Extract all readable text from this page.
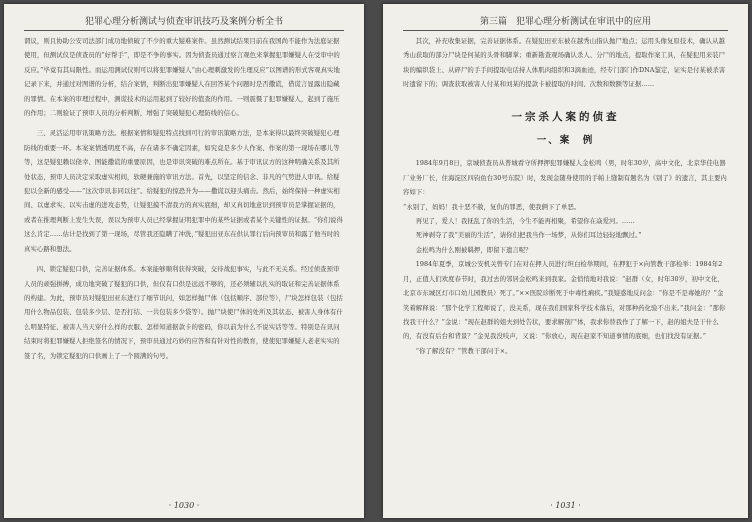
犯罪心理分析测试与侦查审讯技巧及案例分析全书

谓议，则且协助公安司法部门成功地侦破了不少的重大疑难案件。虽然测试结果目前在我国尚不能作为法庭证据使用，但测试仪是侦查员的“好帮手”，即是不争的事实。因为侦查员通过察言观色来掌握犯罪嫌疑人在受审中的反应。”毕竟有其局限性。而运用测试仪则可以将犯罪嫌疑人“由心理刺激发的生理反应”以图谱的形式客观真实地记录下来，并通过对图谱的分析，结合案情，判断出犯罪嫌疑人在回答某个问题时是否撒谎，借谎言显露出隐藏的罪情。在本案的审理过程中，测谎技术的运用起到了较好的值查的作用。一则震慑了犯罪嫌疑人，起到了施压的作用；二则验证了预审人员的分析判断，增强了突破疑犯心理防线的信心。

三、灵活运用审讯策略方法。根据案情和疑犯特点找到可行的审讯策略方法，是本案得以最终突破疑犯心理防线的重要一环。本案案情透明度不高，存在诸多不确定因素，如究竟是多少人作案、作案的第一现场在哪儿等等，这是疑犯赖以侥幸、图能撒谎的重要原因，也是审讯突破的难点所在。基于审讯议方的这种明确关系及其所处状态，预审人员决定采取虚实相间，软硬兼施的审讯方法。首先，以坚定的信念、非凡的气势进人审讯。给疑犯以全新的感受——“这次审讯非同以往”。给疑犯的惊恐升为——撒谎以迎头痛击。然后，始终保持一种虚实相间、以虚求实、以实击虚的进攻态势，让疑犯摸不清我方的真实底细，却又真切地意识到预审员是掌握证据的，或者在推理判断上发生失误，误以为预审人员已经掌握证明犯罪中的某些证据或者某个关键性的证据。“你们说得这么肯定……估计是找到了第一现场，尽管我还隐瞒了冲洗，”疑犯田亚东在供认罪行后向预审员和露了他当时的真实心路和想法。

四、锁定疑犯口供，完善证据体系。本案能够顺利获得突破，交待战犯事实，与此不无关系。经过侦查预审人员的顽强拼搏，成功地突破了疑犯的口供，但仅有口供是远远不够的，还必须辅以扎实的取证和完善证据体系的构建。为此，预审员对疑犯田亚东进行了细节讯问，如怎样抛尸体（包括顺序、部位等），尸块怎样包装（包括用什么物品包装、包装多少层、是否打结、一共包装多少袋等）。抛尸块使尸体的处所及其状态、被害人身体有什么明显特征、被害人当天穿什么样的衣服、怎样知道据款卡的密码，你以前为什么不说实话等等。特别是在讯问结束时将犯罪嫌疑人拒绝签名的情况下，预审员通过巧妙的应答和有针对性的教育，使使犯罪嫌疑人老老实实的签了名，为锁定疑犯的口供画上了一个圆满的句号。

· 1030 ·
第三篇　犯罪心理分析测试在审讯中的应用

其次，补充收集证据，完善证据体系。在疑犯田亚东被在越秀山指认抛尸地点；运用头像复原技术，确认从越秀山获取的部分尸块是何某的头骨和脚掌；重新勘查观场确认杀人、分尸的地点，提取作案工具，在疑犯用来装尸块的编织袋上、从碎尸的手手间提取电话持人体肌肉组织和3滴血迹，经专门部门作DNA鉴定，证实是付某被杀害时遗留下的；调查获取被害人付某和刘某的提款卡被提取的时间、次数和数额等证据……

一宗杀人案的侦查
一、案　例

1984年9月8日，京城侦查员从普城看守所押押犯罪嫌疑人金松鸣（男，时年30岁，高中文化，北京华佳电器厂业务厂长，住海淀区四钧鱼台30号东院）时，发现金随身使用的手帕上缝制有题名为《别了》的遗言，其主要内容如下：

“永别了，妈妈！我十恶不赦，复仇的罪恶，使我俩下了单恶。

再见了，爱人！我抚乱了你的生活，今生不能再相聚，希望你在焱爱河。……

死神剥夺了我“美丽的生活”，请你们把我当作一场梦，从你们耳边轻轻地飘过。”

金松鸣为什么刚被羁押，即留下遗言呢？

1984年夏季，京城公安机关曾专门在对在押人员进行坦白检举期间，在押犯于×向管教干部检举：1984年2月，正值人们欢度春节时，我过去的邻居金松鸣来到我家。金悄悄地对我说：“赵群（女，时年30岁，初中文化，北京市东城区灯市口幼儿园教员）死了。”××医院诊断死于中毒性痢疾。”我疑惑地反问金：“你是不是毒她的？”金笑着解释说：“那个化学工程师说了，没关系，现在我们国家科学技术落后，对那种药化验不出来。”我问金：“那你找我干什么？”金说：“现在赵群的姐夫到处告状，要求解剖尸体，我求你替我作了了解一下，赵的姐夫是干什么的，有没有后台和背景？”金见我没吱声，又说：“你放心，现在赵家不知道事情的底细，也们找没有证据。”

“你了解没有？”管教干部问于×。

· 1031 ·
